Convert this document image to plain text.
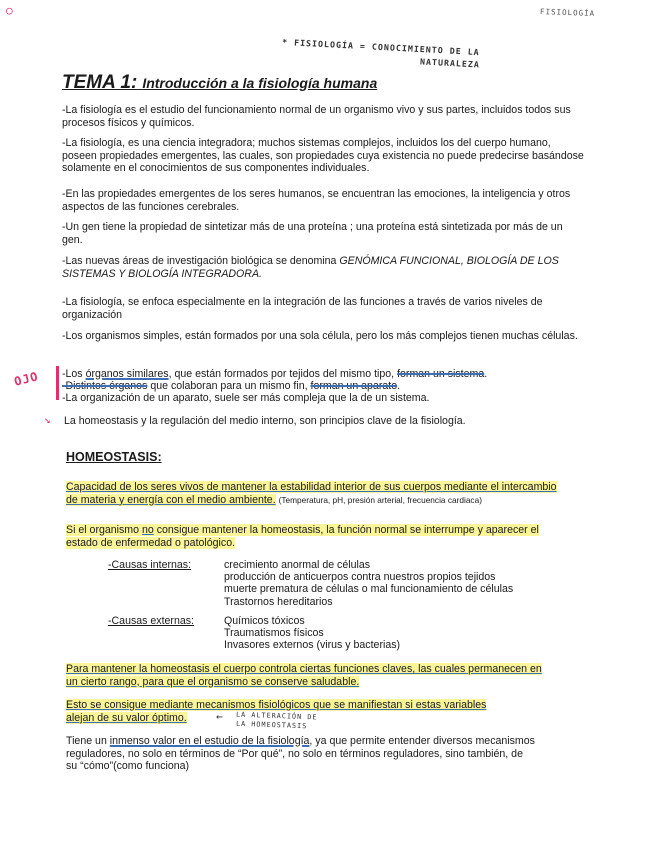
○	FISIOLOGÍA
* FISIOLOGÍA = CONOCIMIENTO DE LA
NATURALEZA
TEMA 1: Introducción a la fisiología humana
-La fisiología es el estudio del funcionamiento normal de un organismo vivo y sus partes, incluidos todos sus procesos físicos y químicos.
-La fisiología, es una ciencia integradora; muchos sistemas complejos, incluidos los del cuerpo humano, poseen propiedades emergentes, las cuales, son propiedades cuya existencia no puede predecirse basándose solamente en el conocimientos de sus componentes individuales.
-En las propiedades emergentes de los seres humanos, se encuentran las emociones, la inteligencia y otros aspectos de las funciones cerebrales.
-Un gen tiene la propiedad de sintetizar más de una proteína ; una proteína está sintetizada por más de un gen.
-Las nuevas áreas de investigación biológica se denomina GENÓMICA FUNCIONAL, BIOLOGÍA DE LOS SISTEMAS Y BIOLOGÍA INTEGRADORA.
-La fisiología, se enfoca especialmente en la integración de las funciones a través de varios niveles de organización
-Los organismos simples, están formados por una sola célula, pero los más complejos tienen muchas células.
OJO -Los órganos similares, que están formados por tejidos del mismo tipo, forman un sistema.
-Distintos órganos que colaboran para un mismo fin, forman un aparato.
-La organización de un aparato, suele ser más compleja que la de un sistema.
↘ La homeostasis y la regulación del medio interno, son principios clave de la fisiología.
HOMEOSTASIS:
Capacidad de los seres vivos de mantener la estabilidad interior de sus cuerpos mediante el intercambio de materia y energía con el medio ambiente. (Temperatura, pH, presión arterial, frecuencia cardiaca)
Si el organismo no consigue mantener la homeostasis, la función normal se interrumpe y aparecer el estado de enfermedad o patológico.
-Causas internas:	crecimiento anormal de células
producción de anticuerpos contra nuestros propios tejidos
muerte prematura de células o mal funcionamiento de células
Trastornos hereditarios
-Causas externas:	Químicos tóxicos
Traumatismos físicos
Invasores externos (virus y bacterias)
Para mantener la homeostasis el cuerpo controla ciertas funciones claves, las cuales permanecen en un cierto rango, para que el organismo se conserve saludable.
Esto se consigue mediante mecanismos fisiológicos que se manifiestan si estas variables
alejan de su valor óptimo.	← LA ALTERACIÓN DE
LA HOMEOSTASIS
Tiene un inmenso valor en el estudio de la fisiología, ya que permite entender diversos mecanismos reguladores, no solo en términos de “Por qué”, no solo en términos reguladores, sino también, de su “cómo”(como funciona)
